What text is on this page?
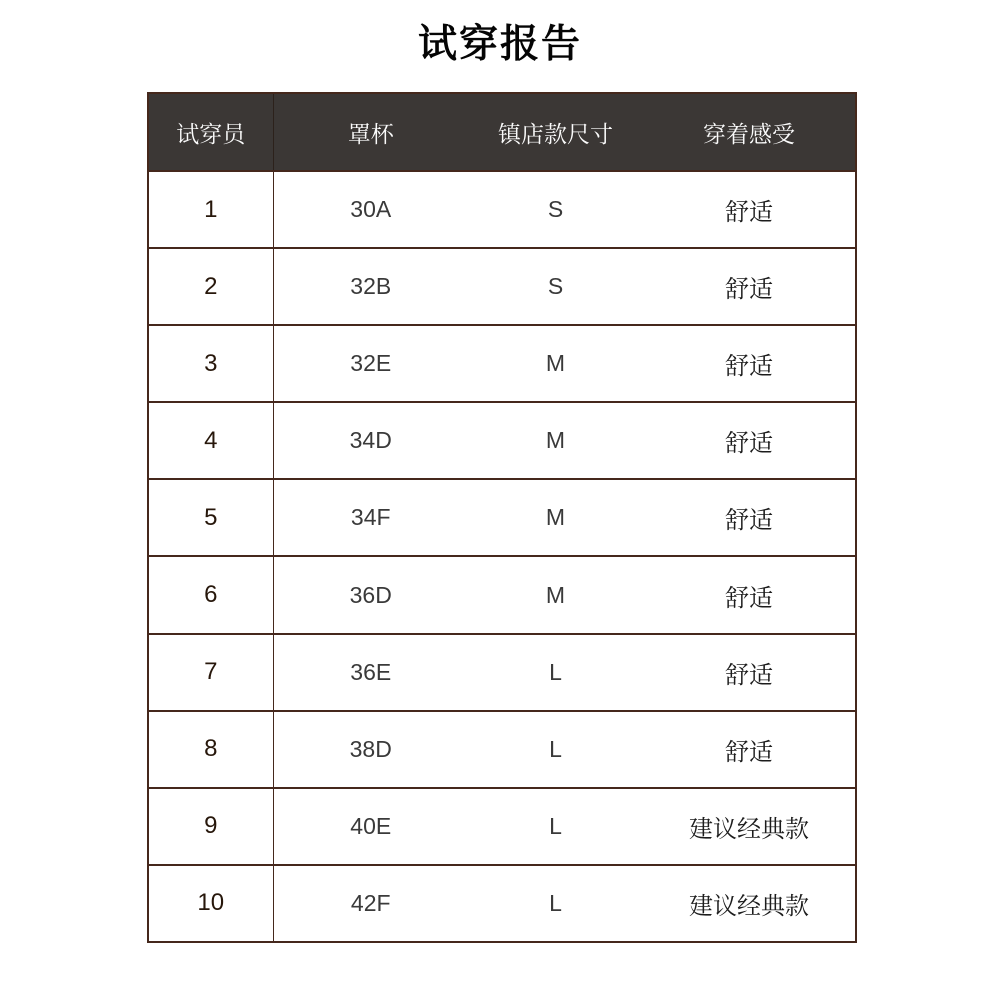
试穿报告
试穿员	罩杯	镇店款尺寸	穿着感受
1	30A	S	舒适
2	32B	S	舒适
3	32E	M	舒适
4	34D	M	舒适
5	34F	M	舒适
6	36D	M	舒适
7	36E	L	舒适
8	38D	L	舒适
9	40E	L	建议经典款
10	42F	L	建议经典款
